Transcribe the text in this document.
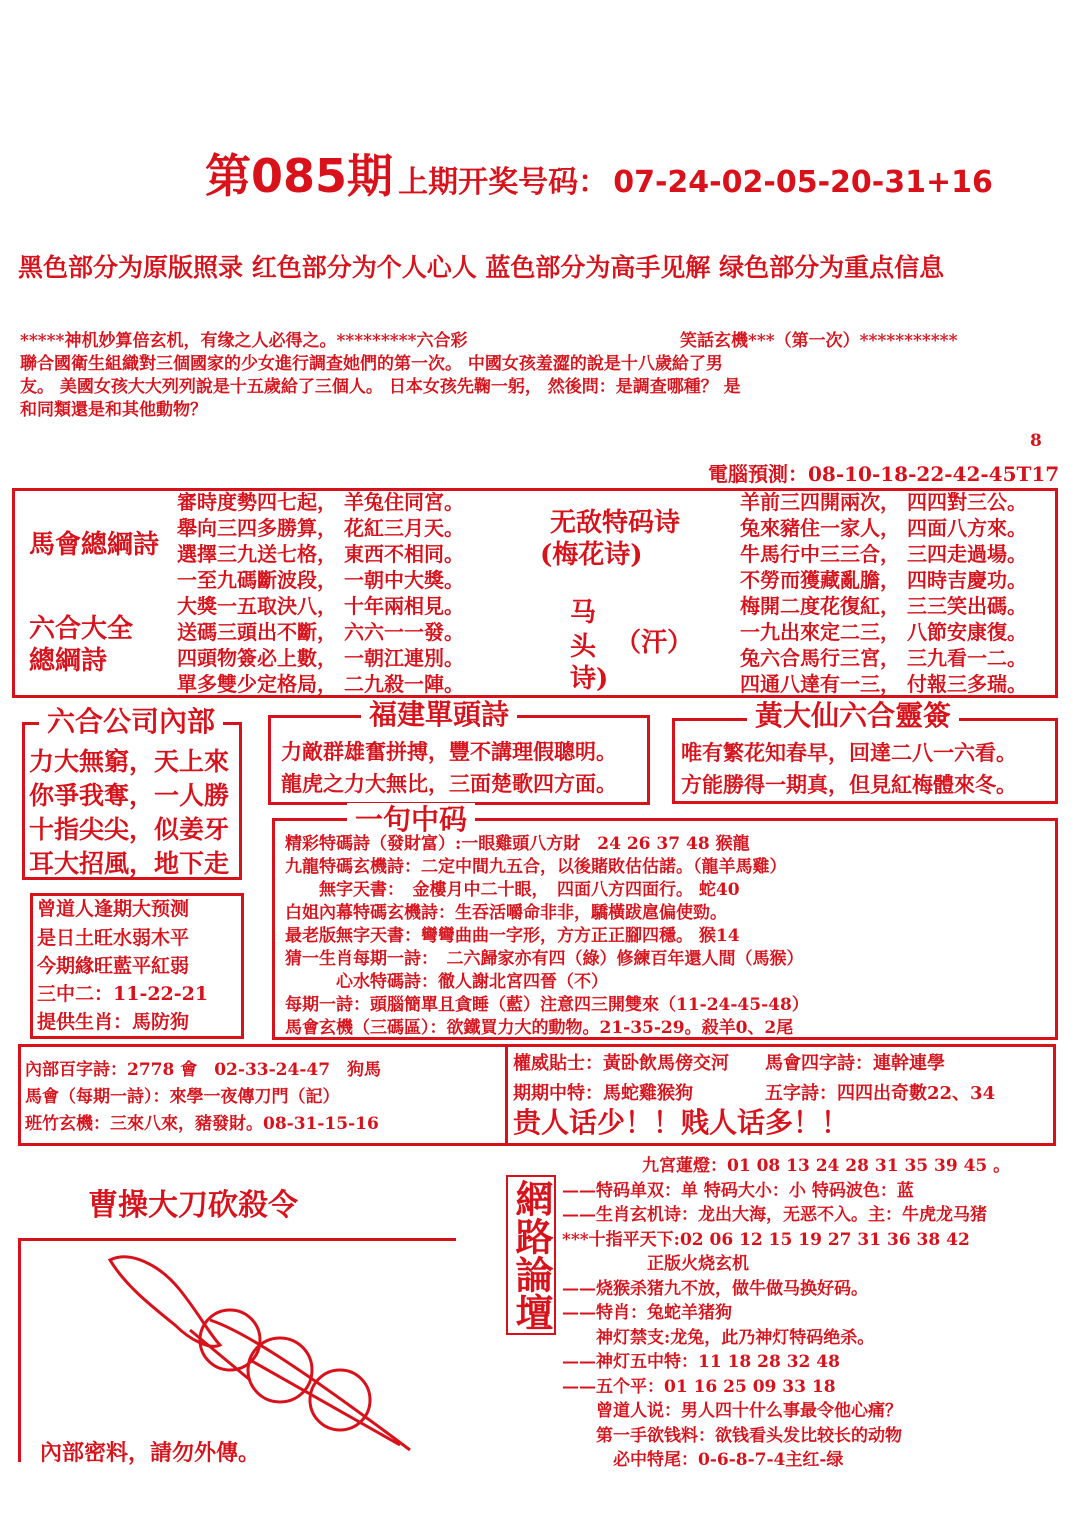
第085期 上期开奖号码： 07-24-02-05-20-31+16
黑色部分为原版照录 红色部分为个人心人 蓝色部分为高手见解 绿色部分为重点信息
*****神机妙算倍玄机，有缘之人必得之。*********六合彩	笑話玄機***（第一次）***********
聯合國衛生組織對三個國家的少女進行調查她們的第一次。 中國女孩羞澀的說是十八歲給了男
友。 美國女孩大大列列說是十五歲給了三個人。 日本女孩先鞠一躬， 然後問：是調查哪種？ 是
和同類還是和其他動物？
8
電腦預測：08-10-18-22-42-45T17
馬會總綱詩
六合大全
總綱詩
審時度勢四七起， 羊兔住同宮。
舉向三四多勝算， 花紅三月天。
選擇三九送七格， 東西不相同。
一至九碼斷波段， 一朝中大獎。
大獎一五取決八， 十年兩相見。
送碼三頭出不斷， 六六一一發。
四頭物簽必上數， 一朝江連別。
單多雙少定格局， 二九殺一陣。
无敌特码诗
(梅花诗)
马
头 （汗）
诗)
羊前三四開兩次， 四四對三公。
兔來豬住一家人， 四面八方來。
牛馬行中三三合， 三四走過場。
不勞而獲藏亂膽， 四時吉慶功。
梅開二度花復紅， 三三笑出碼。
一九出來定二三， 八節安康復。
兔六合馬行三宮， 三九看一二。
四通八達有一三， 付報三多瑞。
六合公司內部
力大無窮，天上來
你爭我奪，一人勝
十指尖尖，似姜牙
耳大招風，地下走
福建單頭詩
力敵群雄奮拼搏，豐不講理假聰明。
龍虎之力大無比，三面楚歌四方面。
黃大仙六合靈簽
唯有繁花知春早，回達二八一六看。
方能勝得一期真，但見紅梅體來冬。
曾道人逢期大预测
是日土旺水弱木平
今期緣旺藍平紅弱
三中二：11-22-21
提供生肖：馬防狗
一句中码
精彩特碼詩（發財富）:一眼雞頭八方財　24 26 37 48 猴龍
九龍特碼玄機詩：二定中間九五合，以後賭敗估估諾。（龍羊馬雞）
　　無字天書：　金樓月中二十眼，　四面八方四面行。 蛇40
白姐內幕特碼玄機詩：生吞活嚼命非非，驕橫跋扈偏使勁。
最老版無字天書：彎彎曲曲一字形，方方正正腳四穩。 猴14
猜一生肖每期一詩：　二六歸家亦有四（綠）修練百年還人間（馬猴）
　　　心水特碼詩：徹人謝北宮四晉（不）
每期一詩：頭腦簡單且貪睡（藍）注意四三開雙來（11-24-45-48）
馬會玄機（三碼區）：欲鐵買力大的動物。21-35-29。殺羊0、2尾
內部百字詩：2778 會　02-33-24-47　狗馬
馬會（每期一詩）：來學一夜傳刀門（記）
班竹玄機：三來八來，豬發財。08-31-15-16
權威貼士：黃卧飲馬傍交河　　馬會四字詩：連幹連學
期期中特：馬蛇雞猴狗　　　　五字詩：四四出奇數22、34
贵人话少！！贱人话多！！
曹操大刀砍殺令
內部密料，請勿外傳。
網路論壇
九宮蓮燈：01 08 13 24 28 31 35 39 45 。
——特码单双：单 特码大小：小 特码波色：蓝
——生肖玄机诗：龙出大海，无恶不入。主：牛虎龙马猪
***十指平天下:02 06 12 15 19 27 31 36 38 42
　　　　　正版火烧玄机
——烧猴杀猪九不放，做牛做马换好码。
——特肖：兔蛇羊猪狗
　　神灯禁支:龙兔，此乃神灯特码绝杀。
——神灯五中特：11 18 28 32 48
——五个平：01 16 25 09 33 18
　　曾道人说：男人四十什么事最令他心痛？
　　第一手欲钱料：欲钱看头发比较长的动物
　　　必中特尾：0-6-8-7-4主红-绿
